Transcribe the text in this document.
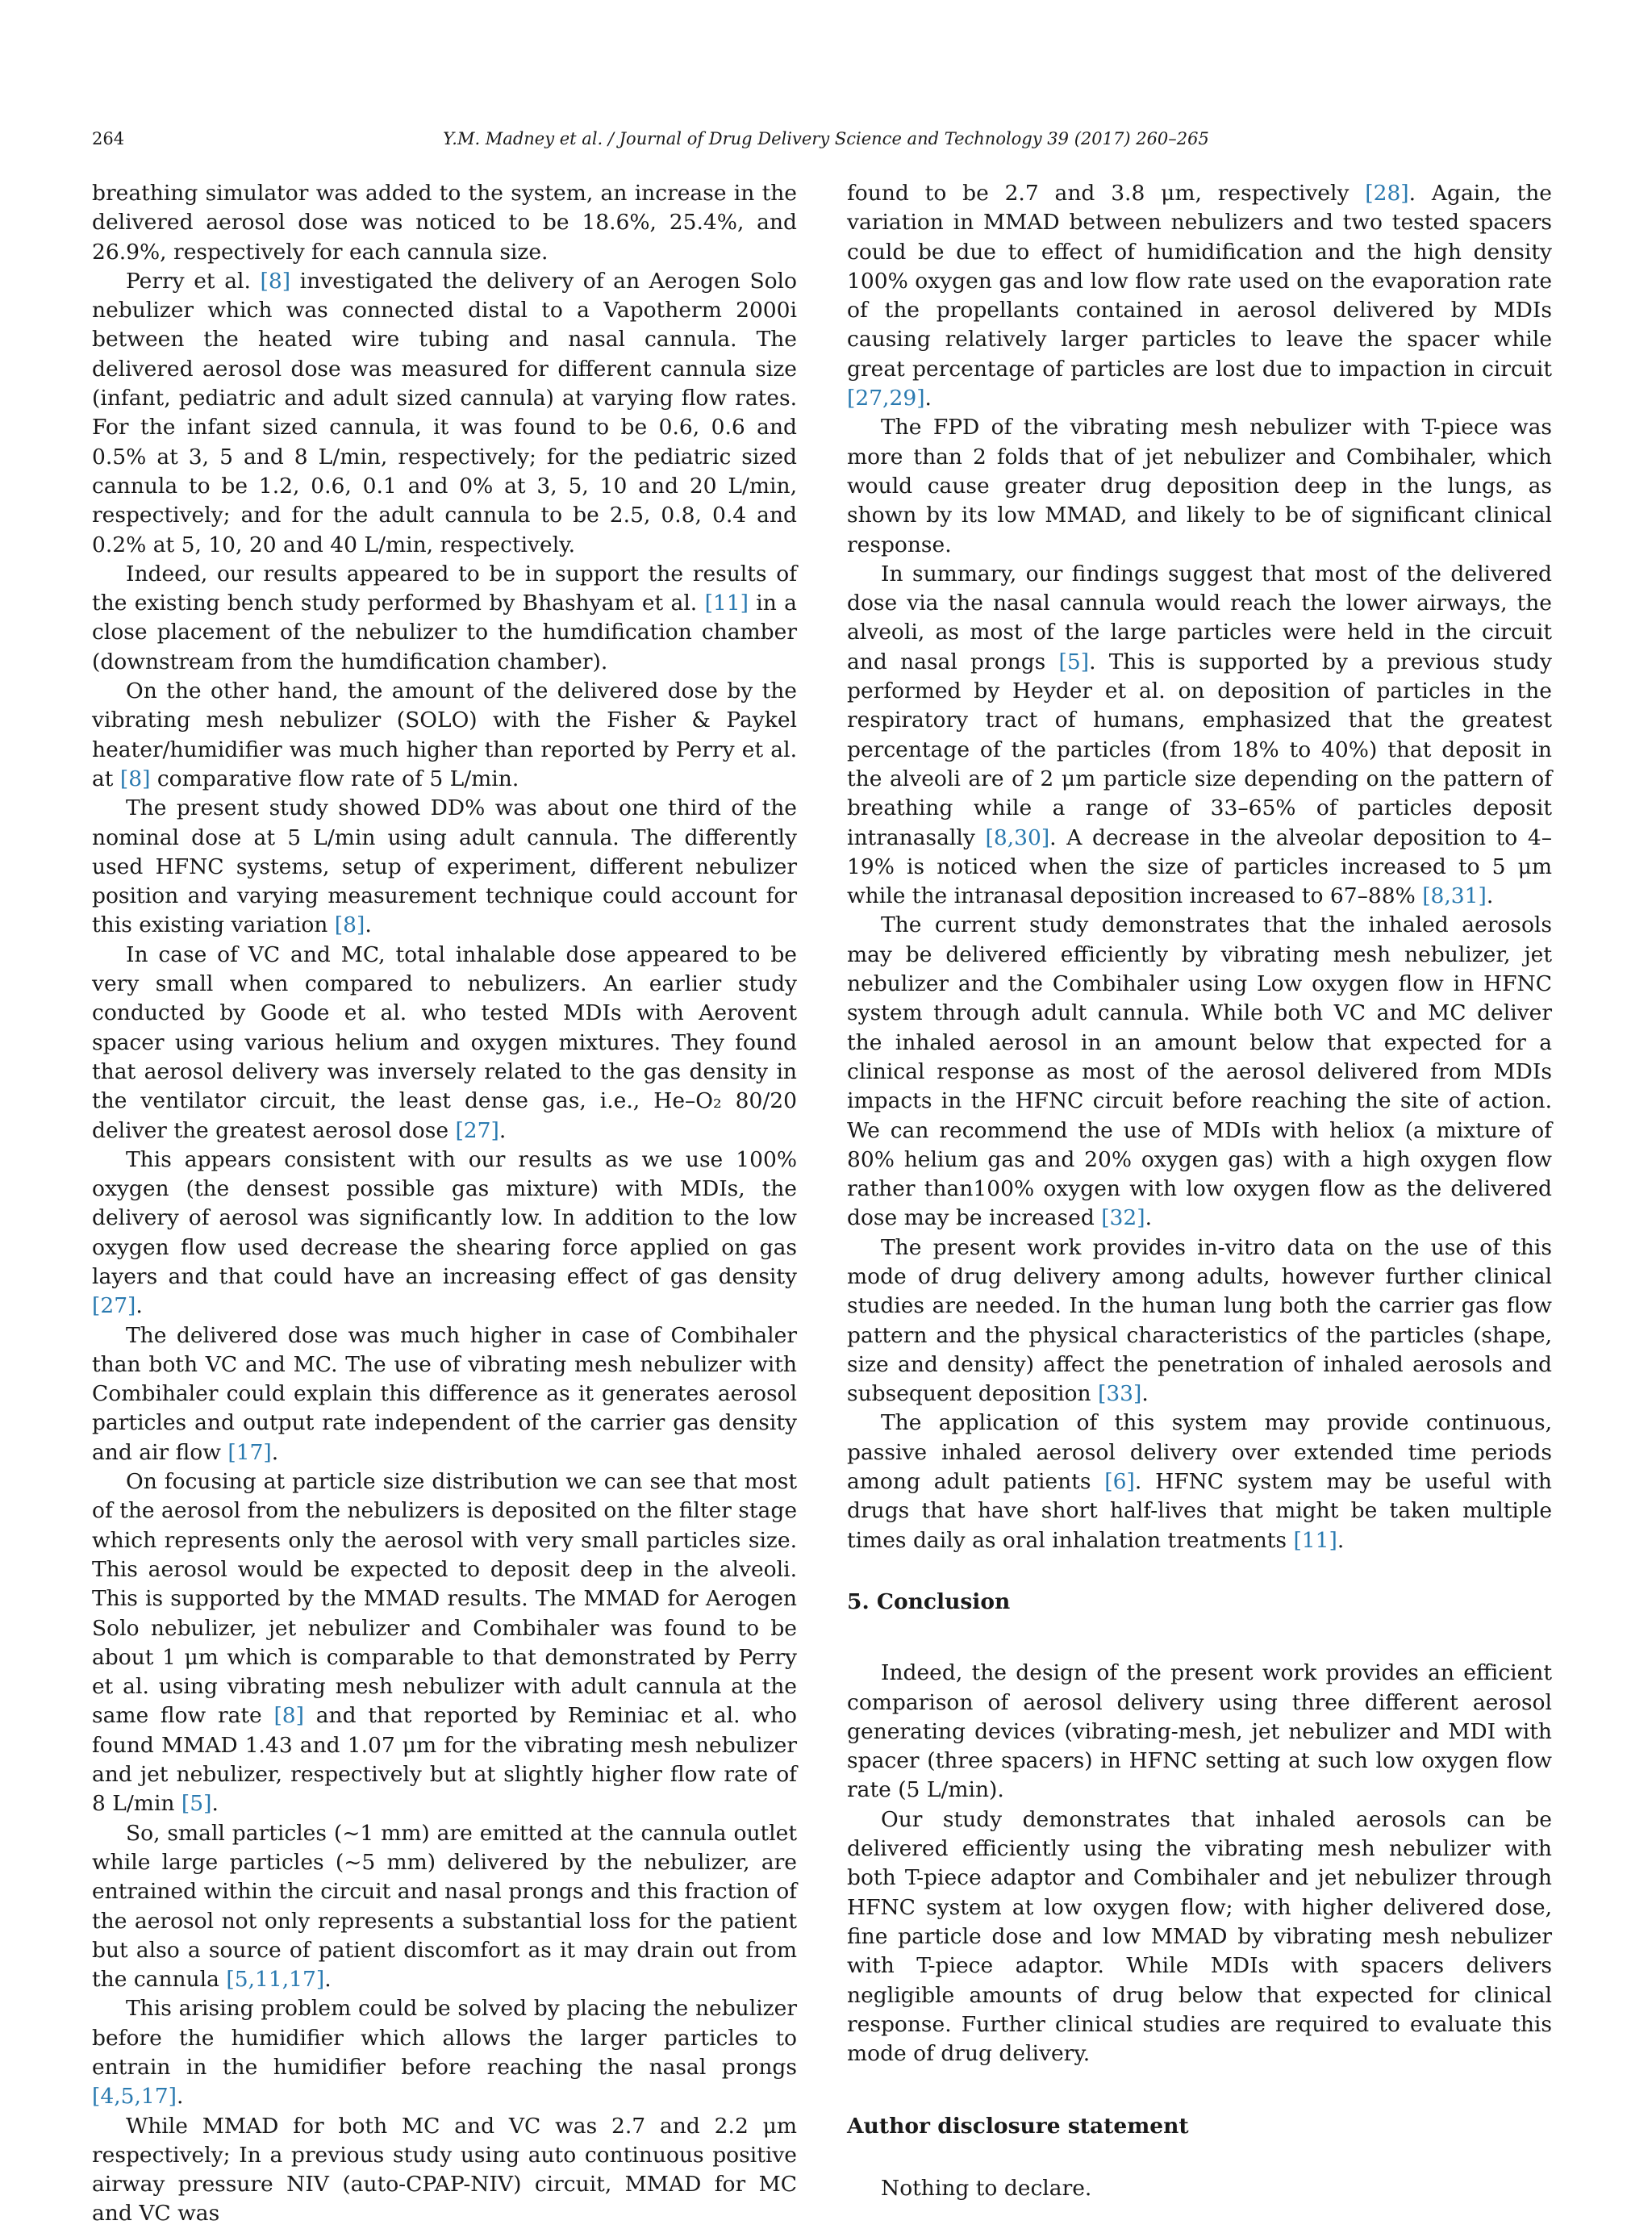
264	Y.M. Madney et al. / Journal of Drug Delivery Science and Technology 39 (2017) 260–265

breathing simulator was added to the system, an increase in the delivered aerosol dose was noticed to be 18.6%, 25.4%, and 26.9%, respectively for each cannula size.

Perry et al. [8] investigated the delivery of an Aerogen Solo nebulizer which was connected distal to a Vapotherm 2000i between the heated wire tubing and nasal cannula. The delivered aerosol dose was measured for different cannula size (infant, pediatric and adult sized cannula) at varying flow rates. For the infant sized cannula, it was found to be 0.6, 0.6 and 0.5% at 3, 5 and 8 L/min, respectively; for the pediatric sized cannula to be 1.2, 0.6, 0.1 and 0% at 3, 5, 10 and 20 L/min, respectively; and for the adult cannula to be 2.5, 0.8, 0.4 and 0.2% at 5, 10, 20 and 40 L/min, respectively.

Indeed, our results appeared to be in support the results of the existing bench study performed by Bhashyam et al. [11] in a close placement of the nebulizer to the humdification chamber (downstream from the humdification chamber).

On the other hand, the amount of the delivered dose by the vibrating mesh nebulizer (SOLO) with the Fisher & Paykel heater/humidifier was much higher than reported by Perry et al. at [8] comparative flow rate of 5 L/min.

The present study showed DD% was about one third of the nominal dose at 5 L/min using adult cannula. The differently used HFNC systems, setup of experiment, different nebulizer position and varying measurement technique could account for this existing variation [8].

In case of VC and MC, total inhalable dose appeared to be very small when compared to nebulizers. An earlier study conducted by Goode et al. who tested MDIs with Aerovent spacer using various helium and oxygen mixtures. They found that aerosol delivery was inversely related to the gas density in the ventilator circuit, the least dense gas, i.e., He–O₂ 80/20 deliver the greatest aerosol dose [27].

This appears consistent with our results as we use 100% oxygen (the densest possible gas mixture) with MDIs, the delivery of aerosol was significantly low. In addition to the low oxygen flow used decrease the shearing force applied on gas layers and that could have an increasing effect of gas density [27].

The delivered dose was much higher in case of Combihaler than both VC and MC. The use of vibrating mesh nebulizer with Combihaler could explain this difference as it generates aerosol particles and output rate independent of the carrier gas density and air flow [17].

On focusing at particle size distribution we can see that most of the aerosol from the nebulizers is deposited on the filter stage which represents only the aerosol with very small particles size. This aerosol would be expected to deposit deep in the alveoli. This is supported by the MMAD results. The MMAD for Aerogen Solo nebulizer, jet nebulizer and Combihaler was found to be about 1 μm which is comparable to that demonstrated by Perry et al. using vibrating mesh nebulizer with adult cannula at the same flow rate [8] and that reported by Reminiac et al. who found MMAD 1.43 and 1.07 μm for the vibrating mesh nebulizer and jet nebulizer, respectively but at slightly higher flow rate of 8 L/min [5].

So, small particles (~1 mm) are emitted at the cannula outlet while large particles (~5 mm) delivered by the nebulizer, are entrained within the circuit and nasal prongs and this fraction of the aerosol not only represents a substantial loss for the patient but also a source of patient discomfort as it may drain out from the cannula [5,11,17].

This arising problem could be solved by placing the nebulizer before the humidifier which allows the larger particles to entrain in the humidifier before reaching the nasal prongs [4,5,17].

While MMAD for both MC and VC was 2.7 and 2.2 μm respectively; In a previous study using auto continuous positive airway pressure NIV (auto-CPAP-NIV) circuit, MMAD for MC and VC was

found to be 2.7 and 3.8 μm, respectively [28]. Again, the variation in MMAD between nebulizers and two tested spacers could be due to effect of humidification and the high density 100% oxygen gas and low flow rate used on the evaporation rate of the propellants contained in aerosol delivered by MDIs causing relatively larger particles to leave the spacer while great percentage of particles are lost due to impaction in circuit [27,29].

The FPD of the vibrating mesh nebulizer with T-piece was more than 2 folds that of jet nebulizer and Combihaler, which would cause greater drug deposition deep in the lungs, as shown by its low MMAD, and likely to be of significant clinical response.

In summary, our findings suggest that most of the delivered dose via the nasal cannula would reach the lower airways, the alveoli, as most of the large particles were held in the circuit and nasal prongs [5]. This is supported by a previous study performed by Heyder et al. on deposition of particles in the respiratory tract of humans, emphasized that the greatest percentage of the particles (from 18% to 40%) that deposit in the alveoli are of 2 μm particle size depending on the pattern of breathing while a range of 33–65% of particles deposit intranasally [8,30]. A decrease in the alveolar deposition to 4–19% is noticed when the size of particles increased to 5 μm while the intranasal deposition increased to 67–88% [8,31].

The current study demonstrates that the inhaled aerosols may be delivered efficiently by vibrating mesh nebulizer, jet nebulizer and the Combihaler using Low oxygen flow in HFNC system through adult cannula. While both VC and MC deliver the inhaled aerosol in an amount below that expected for a clinical response as most of the aerosol delivered from MDIs impacts in the HFNC circuit before reaching the site of action. We can recommend the use of MDIs with heliox (a mixture of 80% helium gas and 20% oxygen gas) with a high oxygen flow rather than100% oxygen with low oxygen flow as the delivered dose may be increased [32].

The present work provides in-vitro data on the use of this mode of drug delivery among adults, however further clinical studies are needed. In the human lung both the carrier gas flow pattern and the physical characteristics of the particles (shape, size and density) affect the penetration of inhaled aerosols and subsequent deposition [33].

The application of this system may provide continuous, passive inhaled aerosol delivery over extended time periods among adult patients [6]. HFNC system may be useful with drugs that have short half-lives that might be taken multiple times daily as oral inhalation treatments [11].

5. Conclusion

Indeed, the design of the present work provides an efficient comparison of aerosol delivery using three different aerosol generating devices (vibrating-mesh, jet nebulizer and MDI with spacer (three spacers) in HFNC setting at such low oxygen flow rate (5 L/min).

Our study demonstrates that inhaled aerosols can be delivered efficiently using the vibrating mesh nebulizer with both T-piece adaptor and Combihaler and jet nebulizer through HFNC system at low oxygen flow; with higher delivered dose, fine particle dose and low MMAD by vibrating mesh nebulizer with T-piece adaptor. While MDIs with spacers delivers negligible amounts of drug below that expected for clinical response. Further clinical studies are required to evaluate this mode of drug delivery.

Author disclosure statement

Nothing to declare.
